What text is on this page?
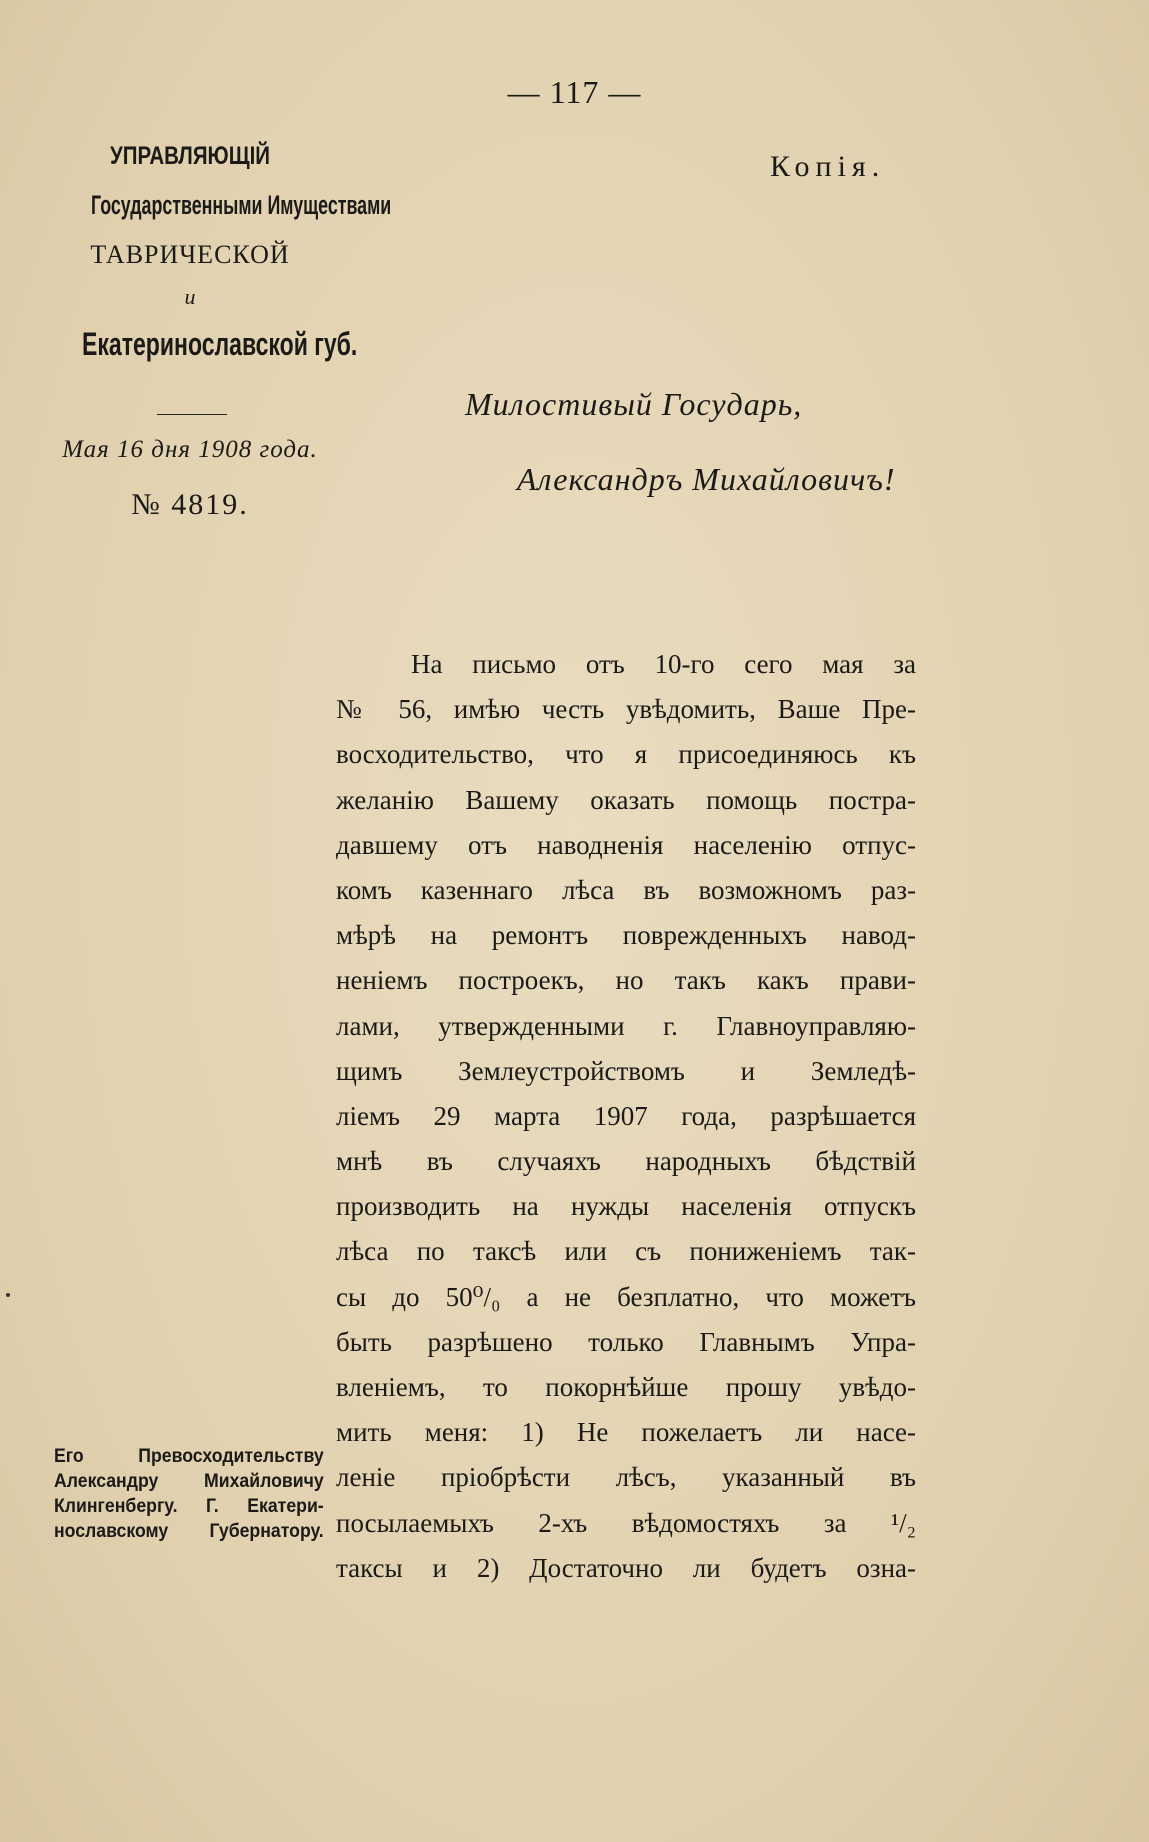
— 117 —
УПРАВЛЯЮЩІЙ
Государственными Имуществами
ТАВРИЧЕСКОЙ
и
Екатеринославской губ.
Мая 16 дня 1908 года.
№ 4819.
Копія.
Милостивый Государь,
Александръ Михайловичъ!
На письмо отъ 10-го сего мая за
№ 56, имѣю честь увѣдомить, Ваше Пре-
восходительство, что я присоединяюсь къ
желанію Вашему оказать помощь постра-
давшему отъ наводненія населенію отпус-
комъ казеннаго лѣса въ возможномъ раз-
мѣрѣ на ремонтъ поврежденныхъ навод-
неніемъ построекъ, но такъ какъ прави-
лами, утвержденными г. Главноуправляю-
щимъ Землеустройствомъ и Земледѣ-
ліемъ 29 марта 1907 года, разрѣшается
мнѣ въ случаяхъ народныхъ бѣдствій
производить на нужды населенія отпускъ
лѣса по таксѣ или съ пониженіемъ так-
сы до 50⁰/₀ а не безплатно, что можетъ
быть разрѣшено только Главнымъ Упра-
вленіемъ, то покорнѣйше прошу увѣдо-
мить меня: 1) Не пожелаетъ ли насе-
леніе пріобрѣсти лѣсъ, указанный въ
посылаемыхъ 2-хъ вѣдомостяхъ за ¹/₂
таксы и 2) Достаточно ли будетъ озна-
Его Превосходительству
Александру Михайловичу
Клингенбергу. Г. Екатери-
нославскому Губернатору.
